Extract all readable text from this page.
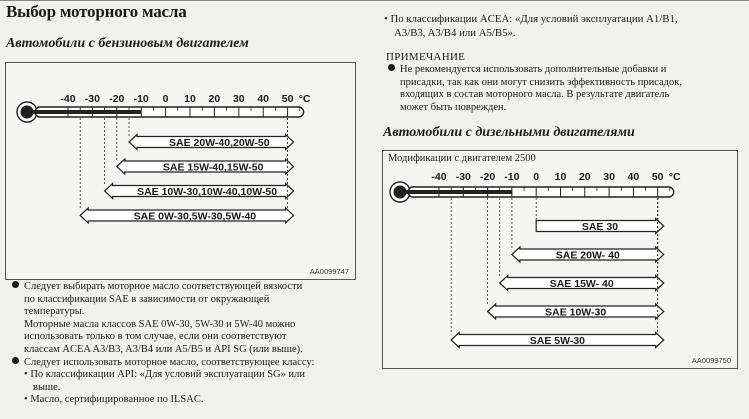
Выбор моторного масла
Автомобили с бензиновым двигателем
-40 -30 -20 -10 0 10 20 30 40 50 °C
SAE 20W-40,20W-50
SAE 15W-40,15W-50
SAE 10W-30,10W-40,10W-50
SAE 0W-30,5W-30,5W-40
AA0099747
Следует выбирать моторное масло соответствующей вязкости
по классификации SAE в зависимости от окружающей
температуры.
Моторные масла классов SAE 0W-30, 5W-30 и 5W-40 можно
использовать только в том случае, если они соответствуют
классам ACEA A3/B3, A3/B4 или A5/B5 и API SG (или выше).
Следует использовать моторное масло, соответствующее классу:
• По классификации API: «Для условий эксплуатации SG» или
выше.
• Масло, сертифицированное по ILSAC.
• По классификации ACEA: «Для условий эксплуатации A1/B1,
A3/B3, A3/B4 или A5/B5».
ПРИМЕЧАНИЕ
Не рекомендуется использовать дополнительные добавки и
присадки, так как они могут снизить эффективность присадок,
входящих в состав моторного масла. В результате двигатель
может быть поврежден.
Автомобили с дизельными двигателями
Модификации с двигателем 2500
-40 -30 -20 -10 0 10 20 30 40 50 °C
SAE 30
SAE 20W- 40
SAE 15W- 40
SAE 10W-30
SAE 5W-30
AA0099750
